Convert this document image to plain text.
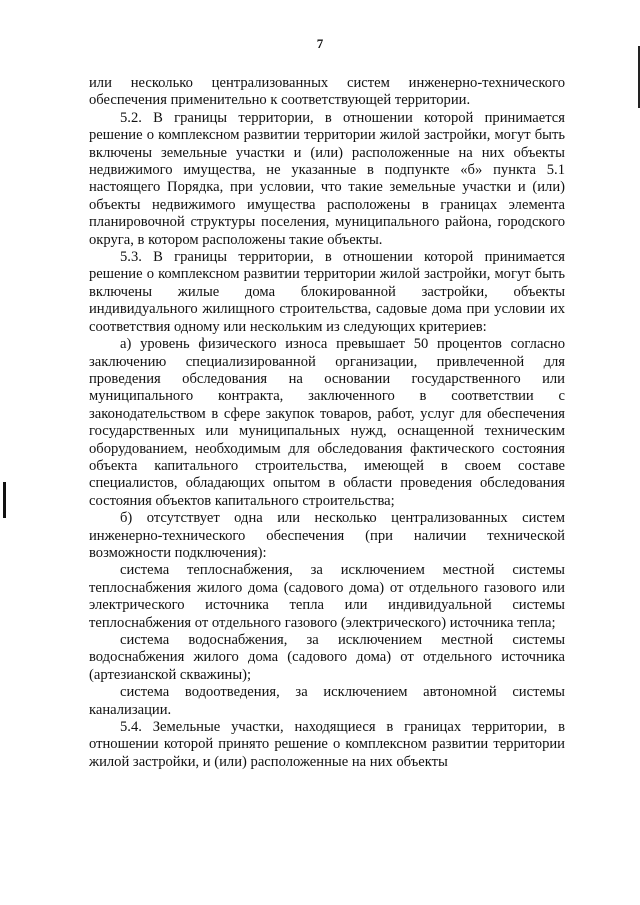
7

или несколько централизованных систем инженерно-технического обеспечения применительно к соответствующей территории.

5.2. В границы территории, в отношении которой принимается решение о комплексном развитии территории жилой застройки, могут быть включены земельные участки и (или) расположенные на них объекты недвижимого имущества, не указанные в подпункте «б» пункта 5.1 настоящего Порядка, при условии, что такие земельные участки и (или) объекты недвижимого имущества расположены в границах элемента планировочной структуры поселения, муниципального района, городского округа, в котором расположены такие объекты.

5.3. В границы территории, в отношении которой принимается решение о комплексном развитии территории жилой застройки, могут быть включены жилые дома блокированной застройки, объекты индивидуального жилищного строительства, садовые дома при условии их соответствия одному или нескольким из следующих критериев:

а) уровень физического износа превышает 50 процентов согласно заключению специализированной организации, привлеченной для проведения обследования на основании государственного или муниципального контракта, заключенного в соответствии с законодательством в сфере закупок товаров, работ, услуг для обеспечения государственных или муниципальных нужд, оснащенной техническим оборудованием, необходимым для обследования фактического состояния объекта капитального строительства, имеющей в своем составе специалистов, обладающих опытом в области проведения обследования состояния объектов капитального строительства;

б) отсутствует одна или несколько централизованных систем инженерно-технического обеспечения (при наличии технической возможности подключения):

система теплоснабжения, за исключением местной системы теплоснабжения жилого дома (садового дома) от отдельного газового или электрического источника тепла или индивидуальной системы теплоснабжения от отдельного газового (электрического) источника тепла;

система водоснабжения, за исключением местной системы водоснабжения жилого дома (садового дома) от отдельного источника (артезианской скважины);

система водоотведения, за исключением автономной системы канализации.

5.4. Земельные участки, находящиеся в границах территории, в отношении которой принято решение о комплексном развитии территории жилой застройки, и (или) расположенные на них объекты
